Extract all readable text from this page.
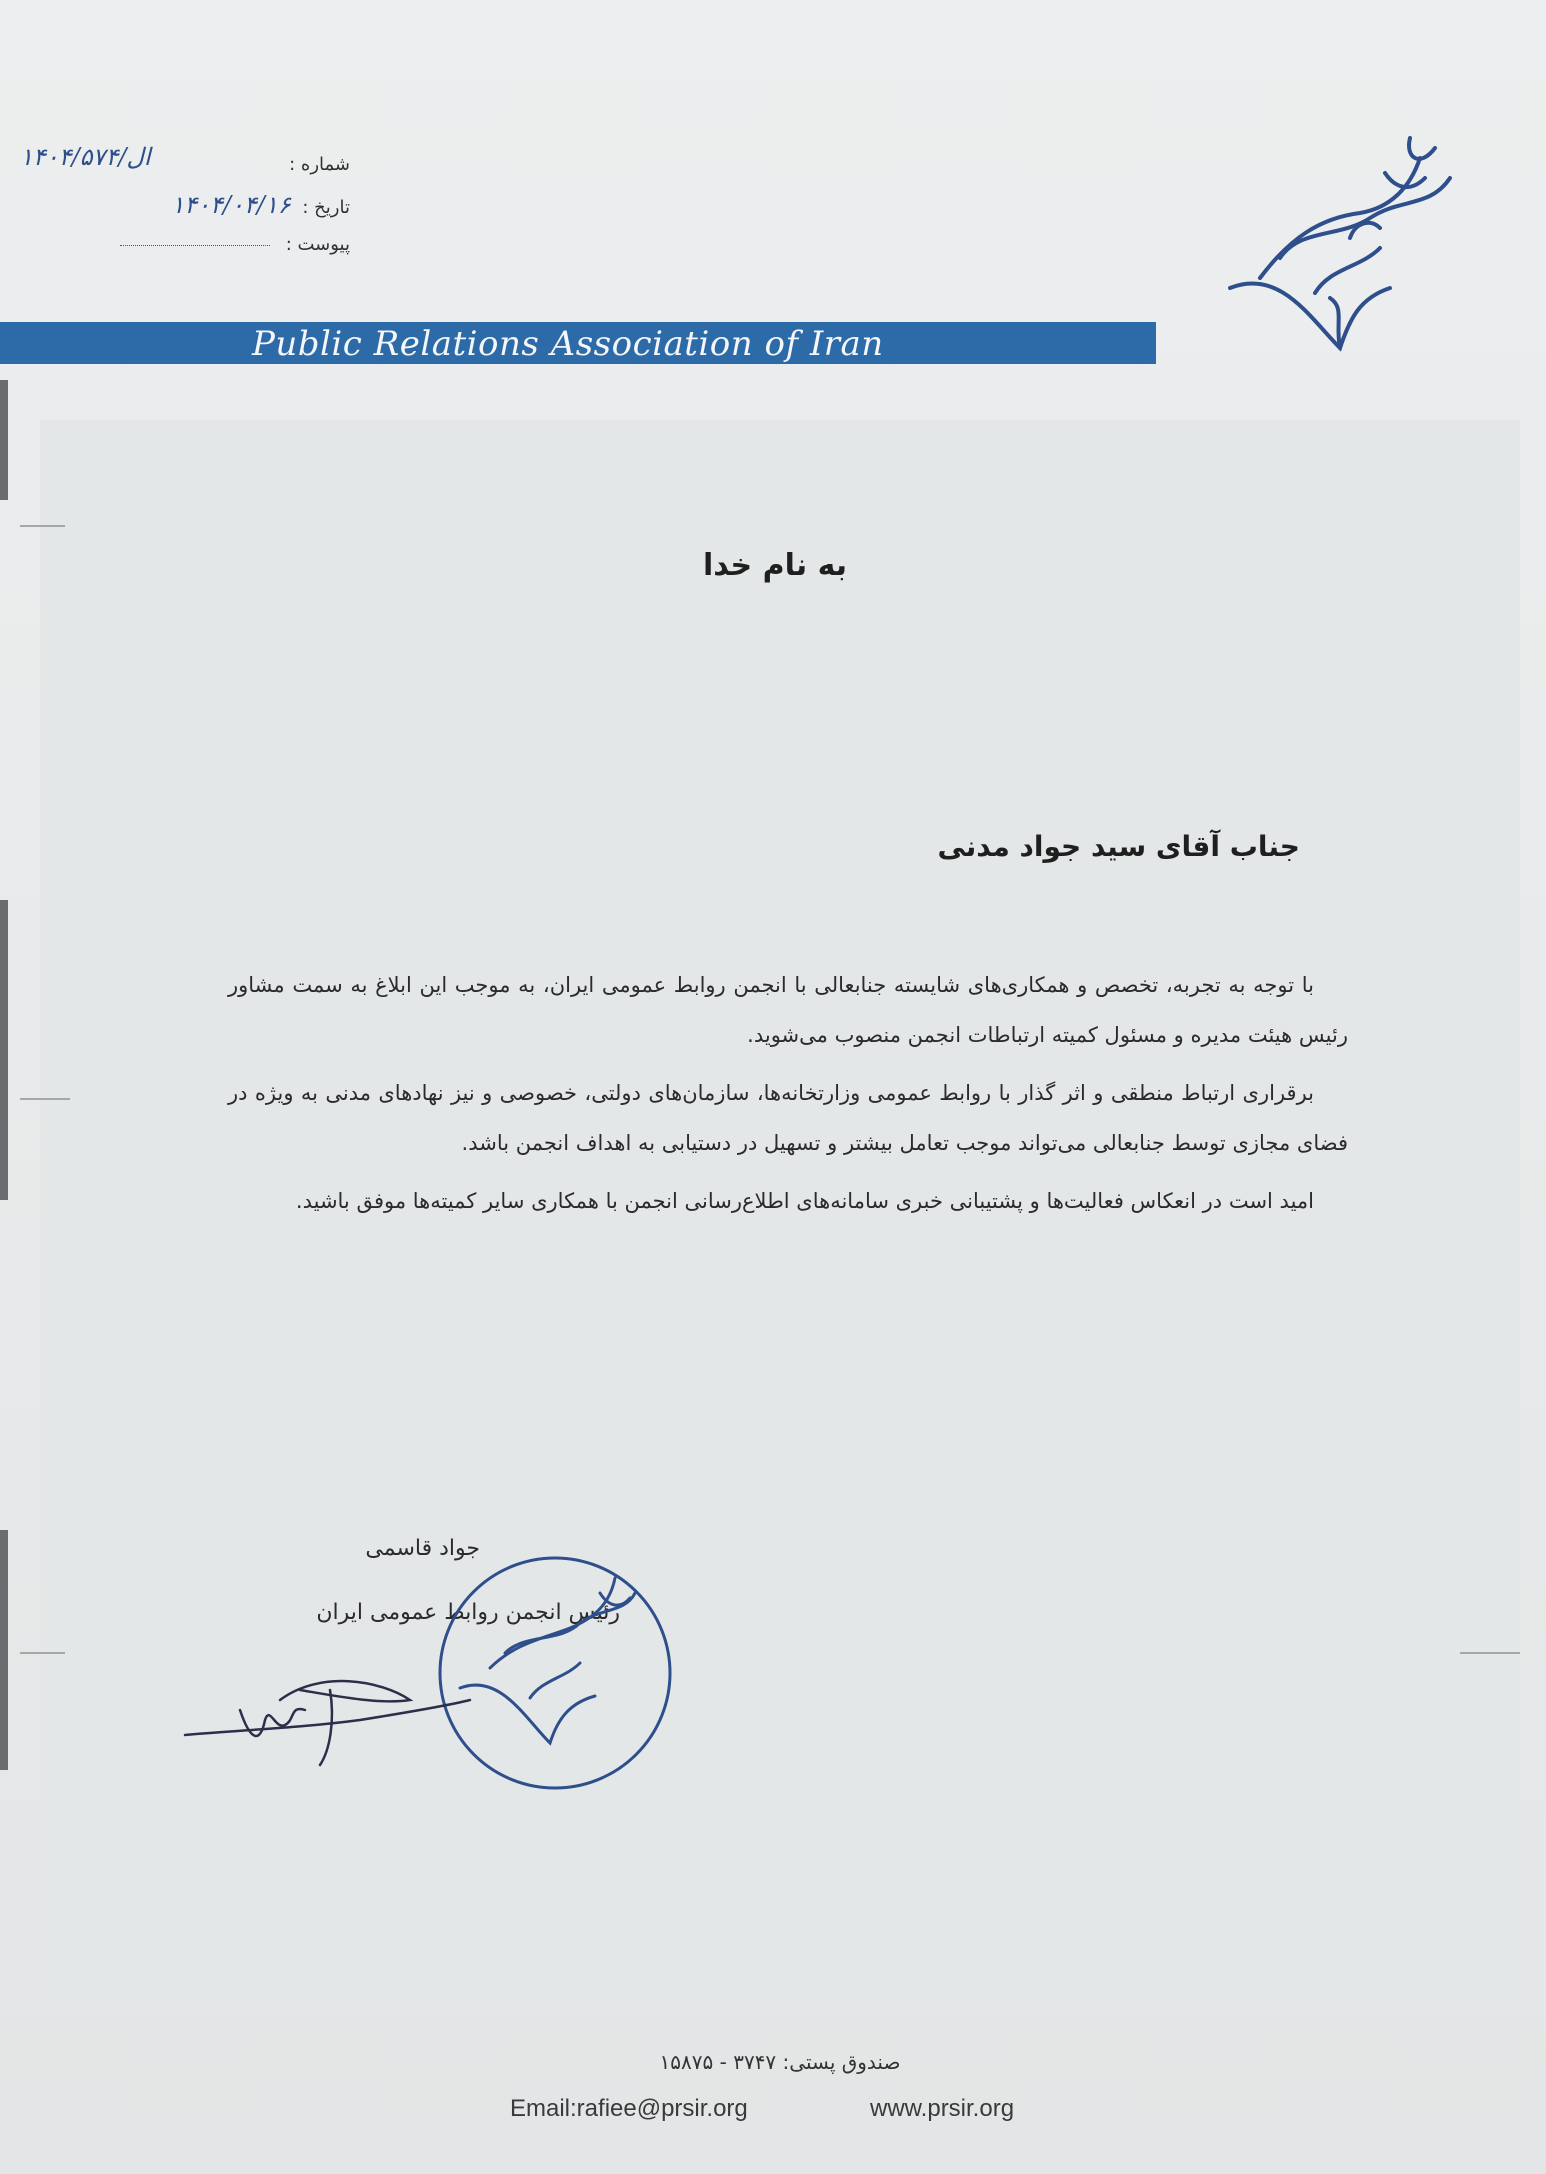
شماره :
۱۴۰۴/ال/۵۷۴
تاریخ : ۱۴۰۴/۰۴/۱۶
پیوست :
Public Relations Association of Iran
به نام خدا
جناب آقای سید جواد مدنی

با توجه به تجربه، تخصص و همکاری‌های شایسته جنابعالی با انجمن روابط عمومی ایران، به موجب این ابلاغ به سمت مشاور رئیس هیئت مدیره و مسئول کمیته ارتباطات انجمن منصوب می‌شوید.

برقراری ارتباط منطقی و اثر گذار با روابط عمومی وزارتخانه‌ها، سازمان‌های دولتی، خصوصی و نیز نهادهای مدنی به ویژه در فضای مجازی توسط جنابعالی می‌تواند موجب تعامل بیشتر و تسهیل در دستیابی به اهداف انجمن باشد.

امید است در انعکاس فعالیت‌ها و پشتیبانی خبری سامانه‌های اطلاع‌رسانی انجمن با همکاری سایر کمیته‌ها موفق باشید.

جواد قاسمی
رئیس انجمن روابط عمومی ایران
صندوق پستی: ۳۷۴۷ - ۱۵۸۷۵
Email:rafiee@prsir.org	www.prsir.org
